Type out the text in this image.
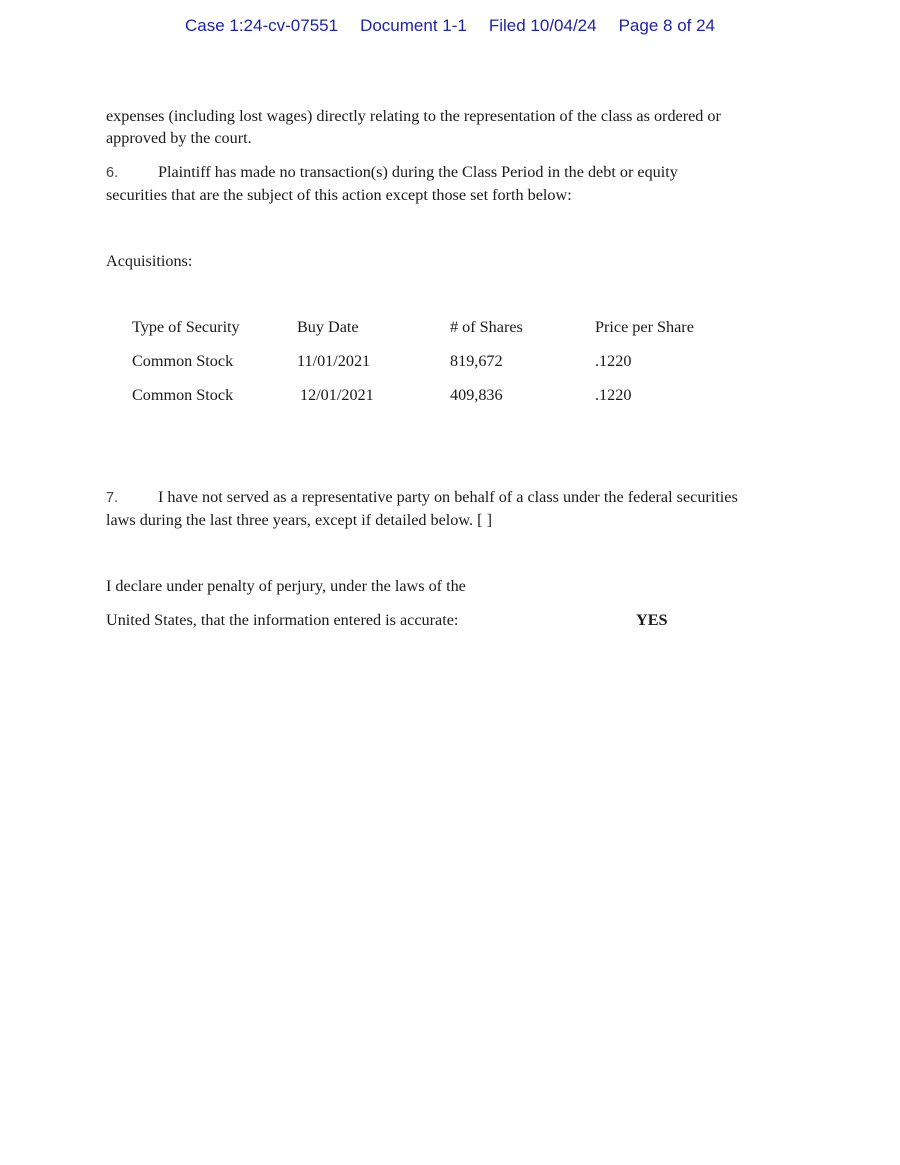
Case 1:24-cv-07551 Document 1-1 Filed 10/04/24 Page 8 of 24
expenses (including lost wages) directly relating to the representation of the class as ordered or
approved by the court.
6. Plaintiff has made no transaction(s) during the Class Period in the debt or equity
securities that are the subject of this action except those set forth below:
Acquisitions:
Type of Security	Buy Date	# of Shares	Price per Share
Common Stock	11/01/2021	819,672	.1220
Common Stock	12/01/2021	409,836	.1220
7. I have not served as a representative party on behalf of a class under the federal securities
laws during the last three years, except if detailed below. [ ]
I declare under penalty of perjury, under the laws of the
United States, that the information entered is accurate:	YES
